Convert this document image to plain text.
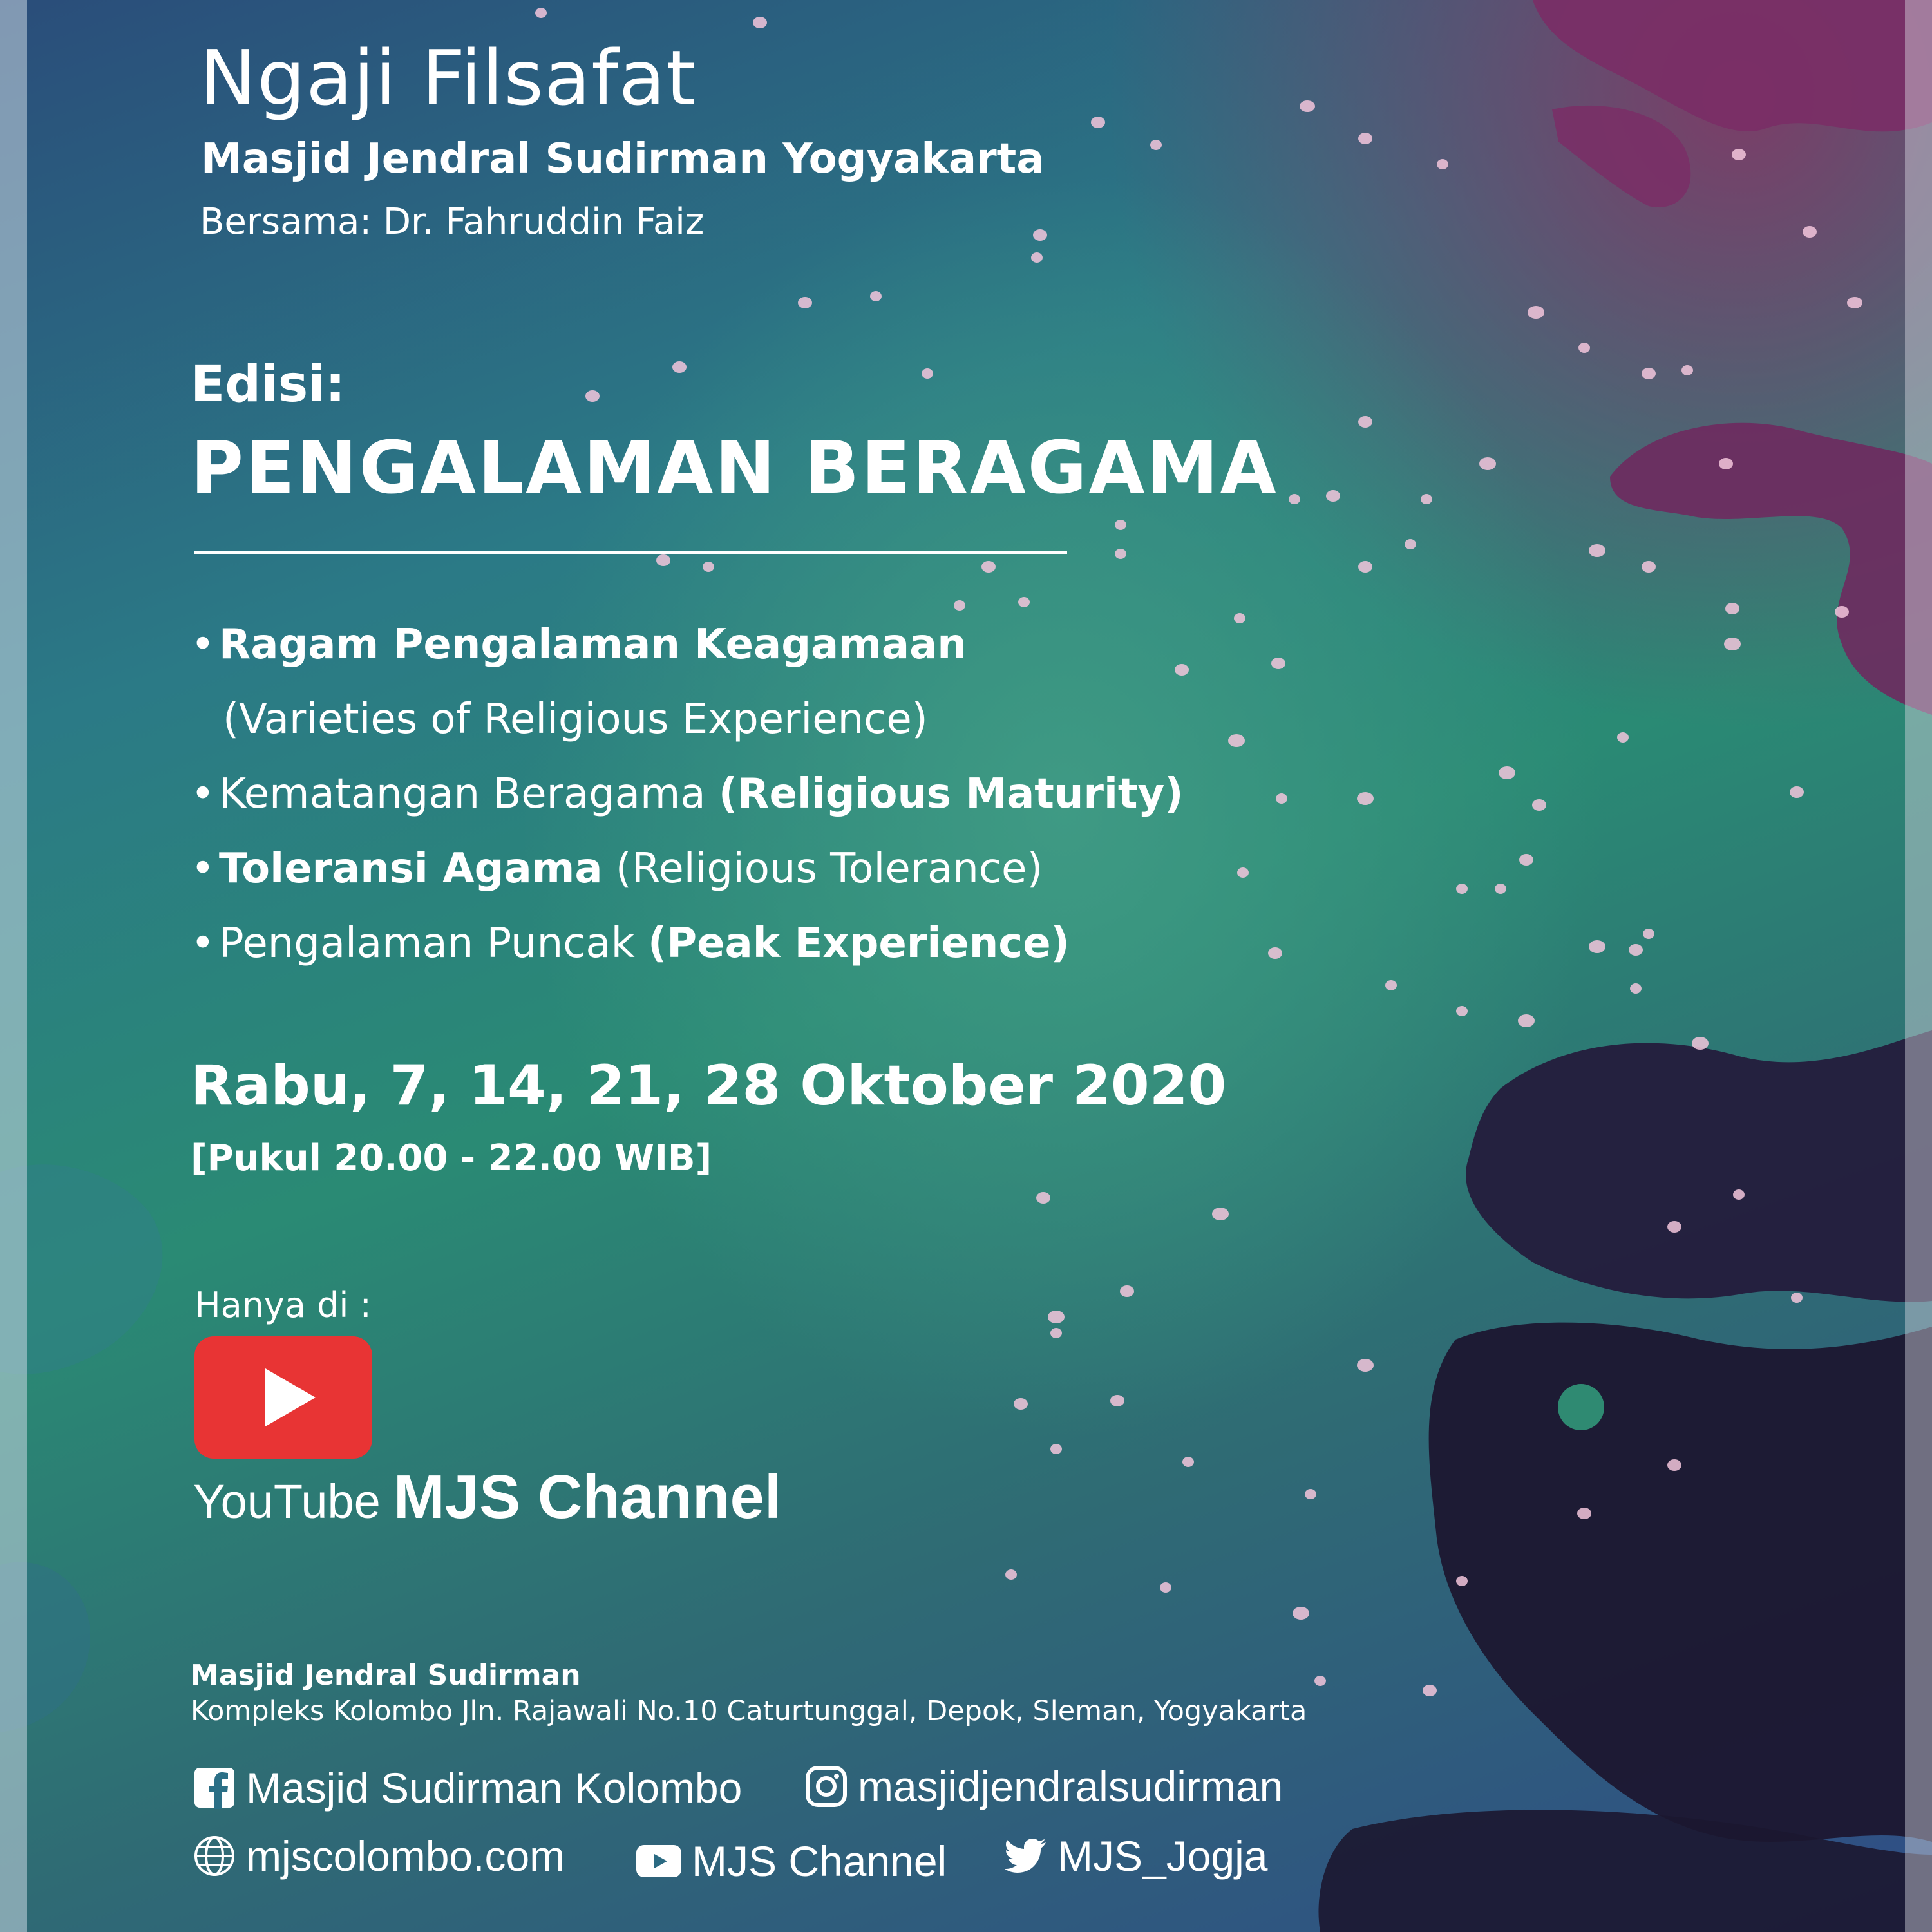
Ngaji Filsafat
Masjid Jendral Sudirman Yogyakarta
Bersama: Dr. Fahruddin Faiz
Edisi:
PENGALAMAN BERAGAMA
• Ragam Pengalaman Keagamaan
(Varieties of Religious Experience)
• Kematangan Beragama (Religious Maturity)
• Toleransi Agama (Religious Tolerance)
• Pengalaman Puncak (Peak Experience)
Rabu, 7, 14, 21, 28 Oktober 2020
[Pukul 20.00 - 22.00 WIB]
Hanya di :
YouTube MJS Channel
Masjid Jendral Sudirman
Kompleks Kolombo Jln. Rajawali No.10 Caturtunggal, Depok, Sleman, Yogyakarta
Masjid Sudirman Kolombo	masjidjendralsudirman
mjscolombo.com	MJS Channel	MJS_Jogja
